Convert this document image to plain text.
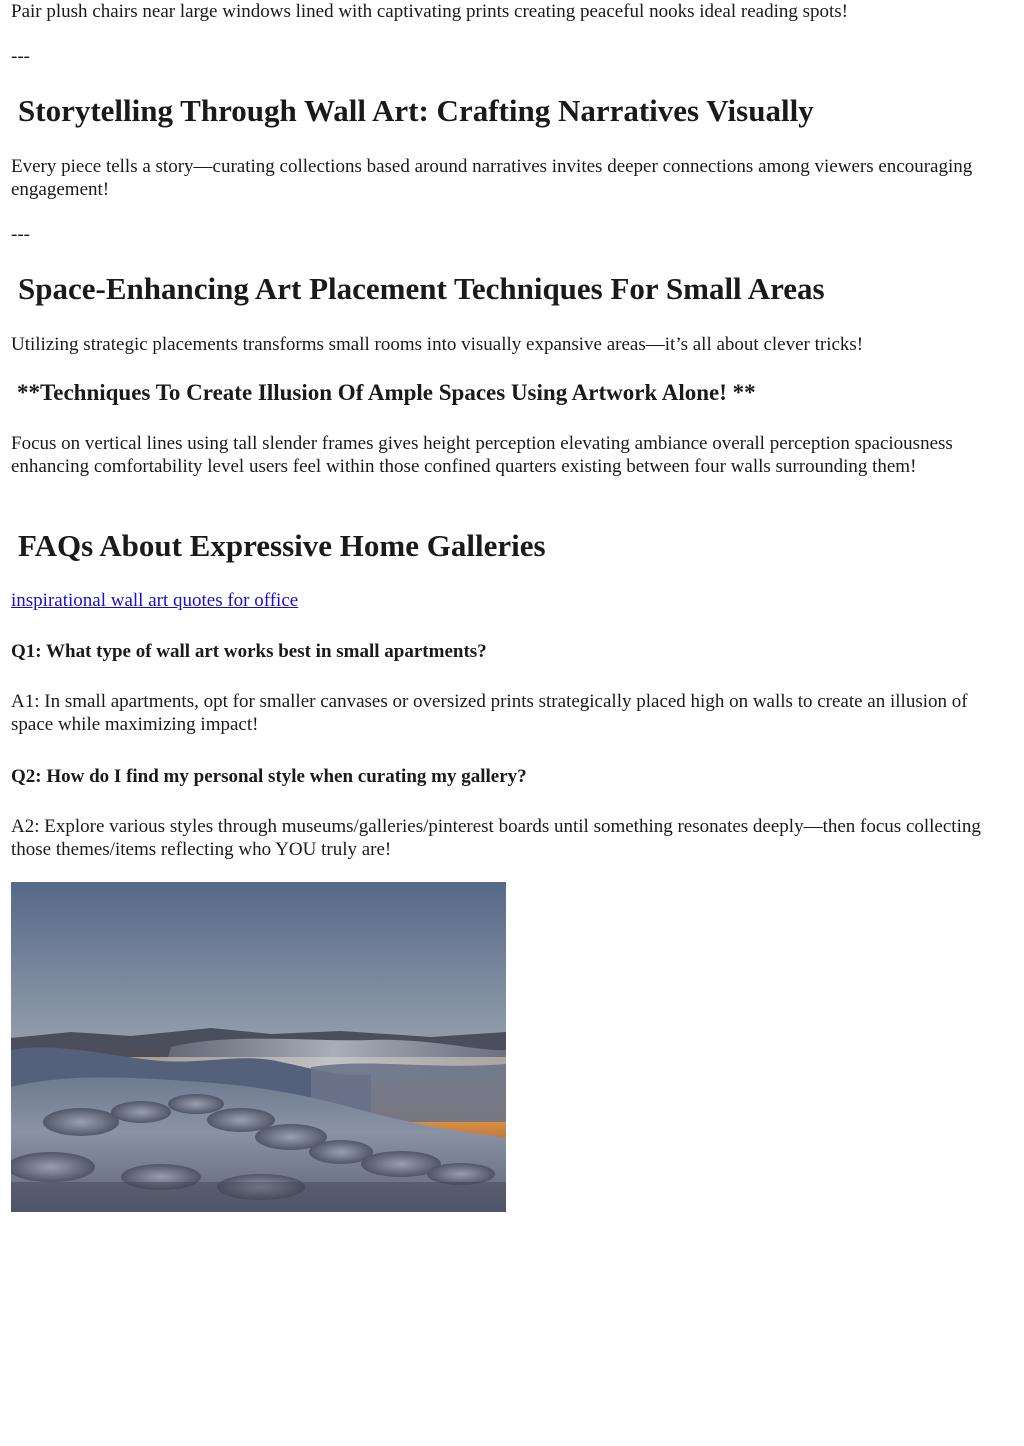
Pair plush chairs near large windows lined with captivating prints creating peaceful nooks ideal reading spots!

---

Storytelling Through Wall Art: Crafting Narratives Visually

Every piece tells a story—curating collections based around narratives invites deeper connections among viewers encouraging engagement!

---

Space-Enhancing Art Placement Techniques For Small Areas

Utilizing strategic placements transforms small rooms into visually expansive areas—it’s all about clever tricks!

**Techniques To Create Illusion Of Ample Spaces Using Artwork Alone! **

Focus on vertical lines using tall slender frames gives height perception elevating ambiance overall perception spaciousness enhancing comfortability level users feel within those confined quarters existing between four walls surrounding them!

FAQs About Expressive Home Galleries
inspirational wall art quotes for office

Q1: What type of wall art works best in small apartments?

A1: In small apartments, opt for smaller canvases or oversized prints strategically placed high on walls to create an illusion of space while maximizing impact!

Q2: How do I find my personal style when curating my gallery?

A2: Explore various styles through museums/galleries/pinterest boards until something resonates deeply—then focus collecting those themes/items reflecting who YOU truly are!
